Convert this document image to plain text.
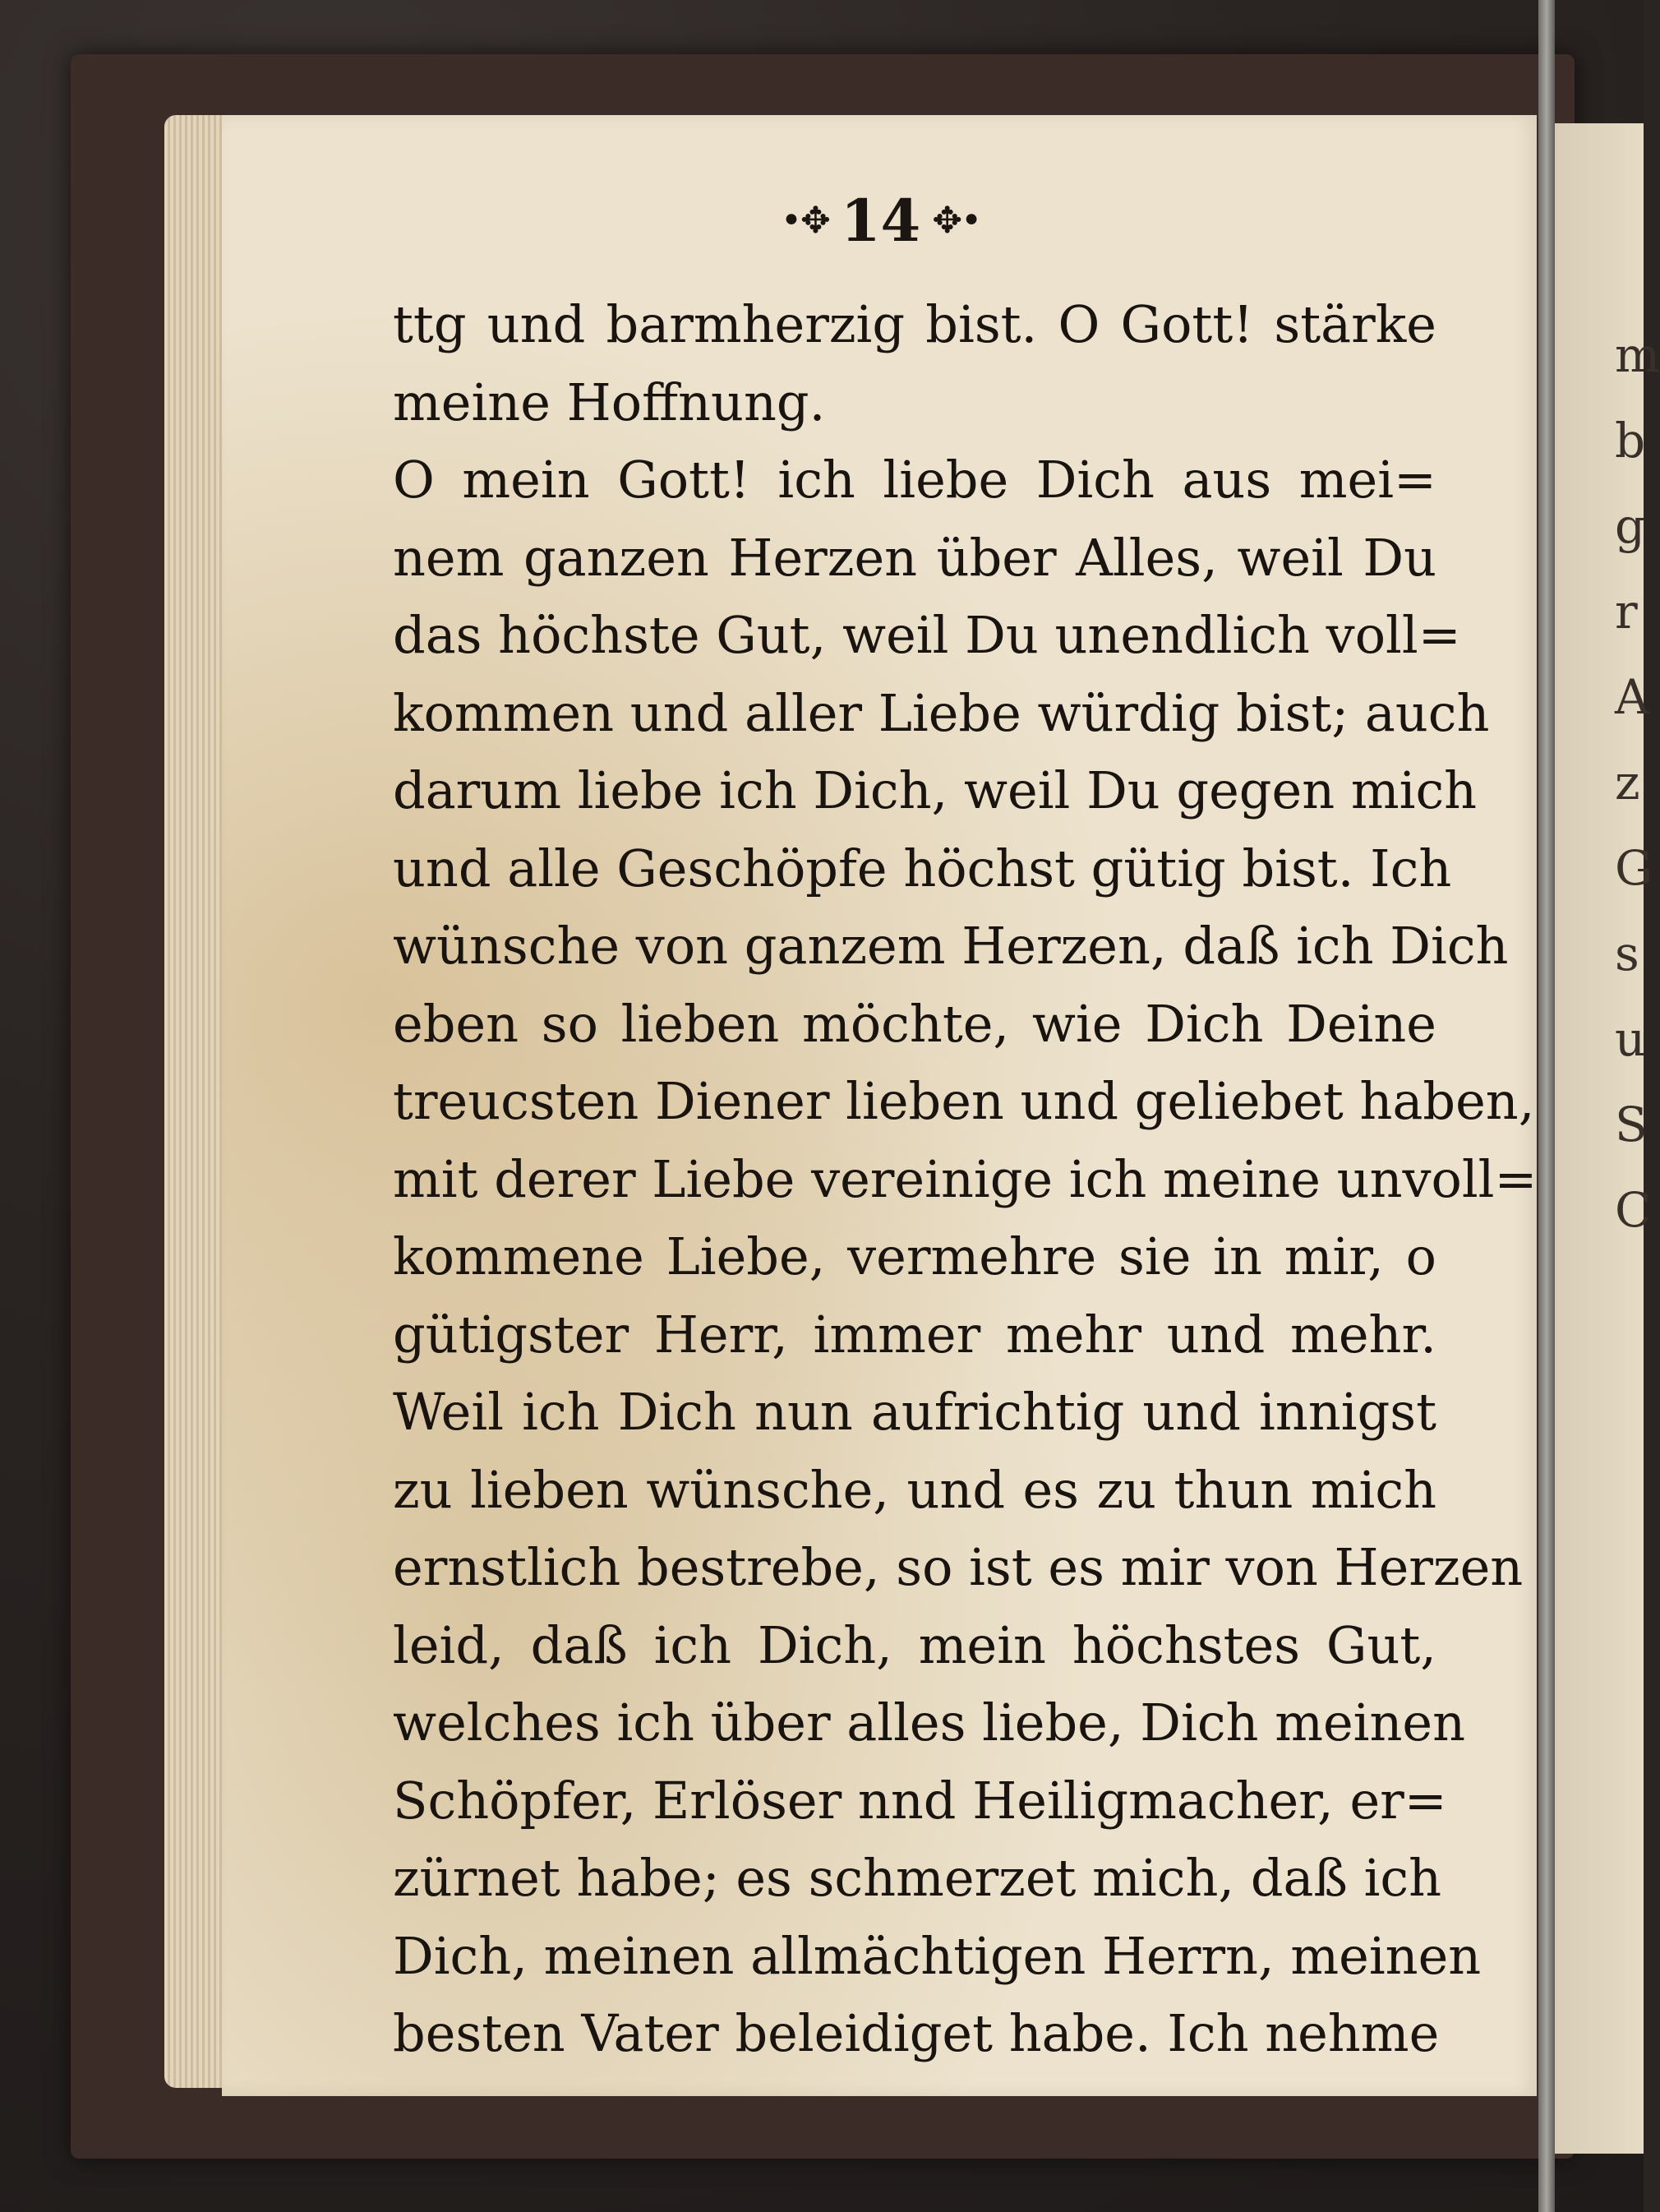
•✥ 14 ✥•
ttg und barmherzig bist. O Gott! stärke
meine Hoffnung.
O mein Gott! ich liebe Dich aus mei=
nem ganzen Herzen über Alles, weil Du
das höchste Gut, weil Du unendlich voll=
kommen und aller Liebe würdig bist; auch
darum liebe ich Dich, weil Du gegen mich
und alle Geschöpfe höchst gütig bist. Ich
wünsche von ganzem Herzen, daß ich Dich
eben so lieben möchte, wie Dich Deine
treucsten Diener lieben und geliebet haben,
mit derer Liebe vereinige ich meine unvoll=
kommene Liebe, vermehre sie in mir, o
gütigster Herr, immer mehr und mehr.
Weil ich Dich nun aufrichtig und innigst
zu lieben wünsche, und es zu thun mich
ernstlich bestrebe, so ist es mir von Herzen
leid, daß ich Dich, mein höchstes Gut,
welches ich über alles liebe, Dich meinen
Schöpfer, Erlöser nnd Heiligmacher, er=
zürnet habe; es schmerzet mich, daß ich
Dich, meinen allmächtigen Herrn, meinen
besten Vater beleidiget habe. Ich nehme
m
b
g
r
A
z
G
s
u
S
C
